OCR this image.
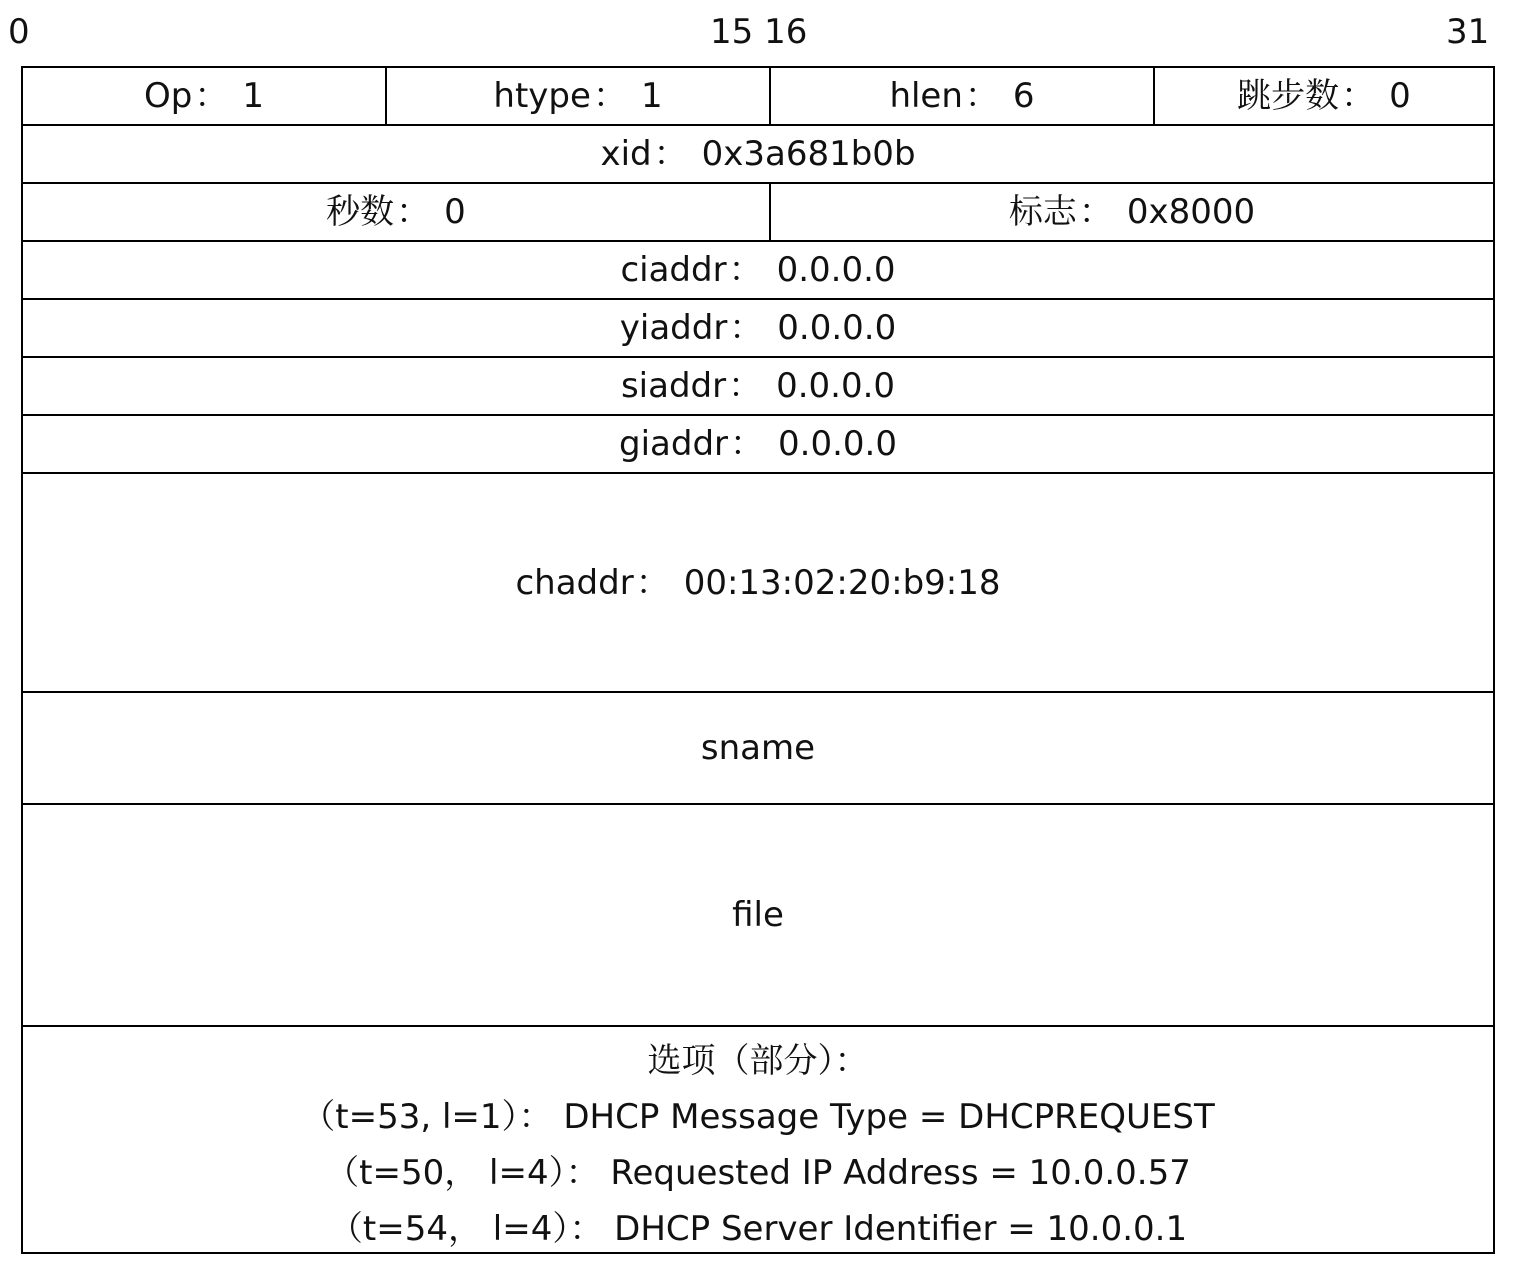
0	15 16	31
Op ： 1	htype ： 1	hlen ： 6	跳步数 ： 0
xid ： 0x3a681b0b
秒数 ： 0	标志 ： 0x8000
ciaddr ： 0.0.0.0
yiaddr ： 0.0.0.0
siaddr ： 0.0.0.0
giaddr ： 0.0.0.0
chaddr ： 00:13:02:20:b9:18
sname
file
选项（部分）：
（t=53, l=1）： DHCP Message Type = DHCPREQUEST
（t=50， l=4）： Requested IP Address = 10.0.0.57
（t=54， l=4）： DHCP Server Identifier = 10.0.0.1
